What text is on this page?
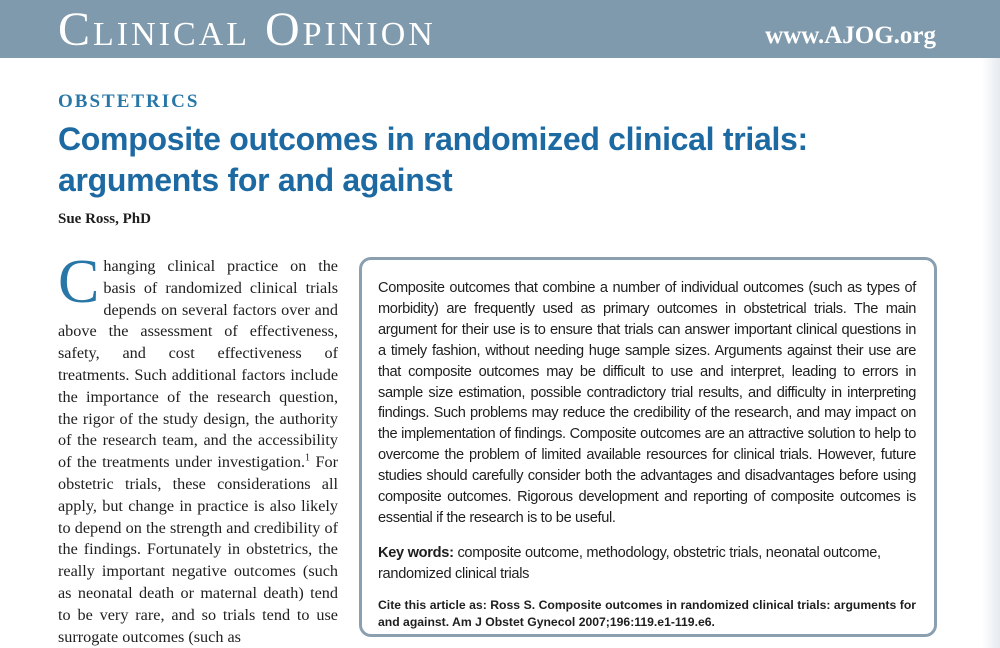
Clinical Opinion	www.AJOG.org
OBSTETRICS
Composite outcomes in randomized clinical trials: arguments for and against
Sue Ross, PhD
Changing clinical practice on the basis of randomized clinical trials depends on several factors over and above the assessment of effectiveness, safety, and cost effectiveness of treatments. Such additional factors include the importance of the research question, the rigor of the study design, the authority of the research team, and the accessibility of the treatments under investigation.$^1$ For obstetric trials, these considerations all apply, but change in practice is also likely to depend on the strength and credibility of the findings. Fortunately in obstetrics, the really important negative outcomes (such as neonatal death or maternal death) tend to be very rare, and so trials tend to use surrogate outcomes (such as
Composite outcomes that combine a number of individual outcomes (such as types of morbidity) are frequently used as primary outcomes in obstetrical trials. The main argument for their use is to ensure that trials can answer important clinical questions in a timely fashion, without needing huge sample sizes. Arguments against their use are that composite outcomes may be difficult to use and interpret, leading to errors in sample size estimation, possible contradictory trial results, and difficulty in interpreting findings. Such problems may reduce the credibility of the research, and may impact on the implementation of findings. Composite outcomes are an attractive solution to help to overcome the problem of limited available resources for clinical trials. However, future studies should carefully consider both the advantages and disadvantages before using composite outcomes. Rigorous development and reporting of composite outcomes is essential if the research is to be useful.
Key words: composite outcome, methodology, obstetric trials, neonatal outcome, randomized clinical trials
Cite this article as: Ross S. Composite outcomes in randomized clinical trials: arguments for and against. Am J Obstet Gynecol 2007;196:119.e1-119.e6.
